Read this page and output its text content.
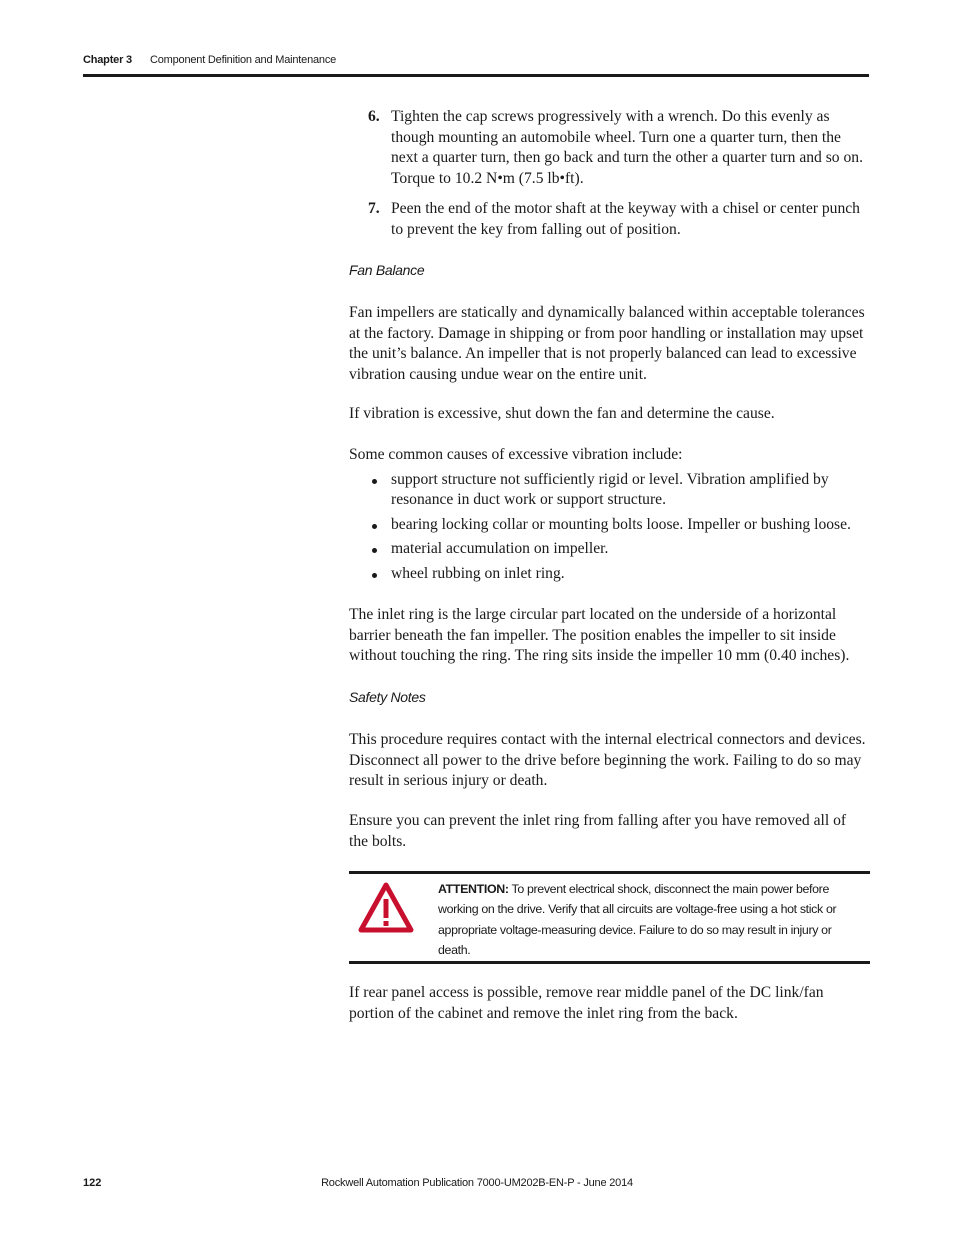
Chapter 3 Component Definition and Maintenance
6. Tighten the cap screws progressively with a wrench. Do this evenly as though mounting an automobile wheel. Turn one a quarter turn, then the next a quarter turn, then go back and turn the other a quarter turn and so on. Torque to 10.2 N•m (7.5 lb•ft).
7. Peen the end of the motor shaft at the keyway with a chisel or center punch to prevent the key from falling out of position.
Fan Balance

Fan impellers are statically and dynamically balanced within acceptable tolerances at the factory. Damage in shipping or from poor handling or installation may upset the unit’s balance. An impeller that is not properly balanced can lead to excessive vibration causing undue wear on the entire unit.

If vibration is excessive, shut down the fan and determine the cause.

Some common causes of excessive vibration include:

support structure not sufficiently rigid or level. Vibration amplified by resonance in duct work or support structure.
bearing locking collar or mounting bolts loose. Impeller or bushing loose.
material accumulation on impeller.
wheel rubbing on inlet ring.

The inlet ring is the large circular part located on the underside of a horizontal barrier beneath the fan impeller. The position enables the impeller to sit inside without touching the ring. The ring sits inside the impeller 10 mm (0.40 inches).

Safety Notes

This procedure requires contact with the internal electrical connectors and devices. Disconnect all power to the drive before beginning the work. Failing to do so may result in serious injury or death.

Ensure you can prevent the inlet ring from falling after you have removed all of the bolts.

ATTENTION: To prevent electrical shock, disconnect the main power before working on the drive. Verify that all circuits are voltage-free using a hot stick or appropriate voltage-measuring device. Failure to do so may result in injury or death.

If rear panel access is possible, remove rear middle panel of the DC link/fan portion of the cabinet and remove the inlet ring from the back.

122	Rockwell Automation Publication 7000-UM202B-EN-P - June 2014
